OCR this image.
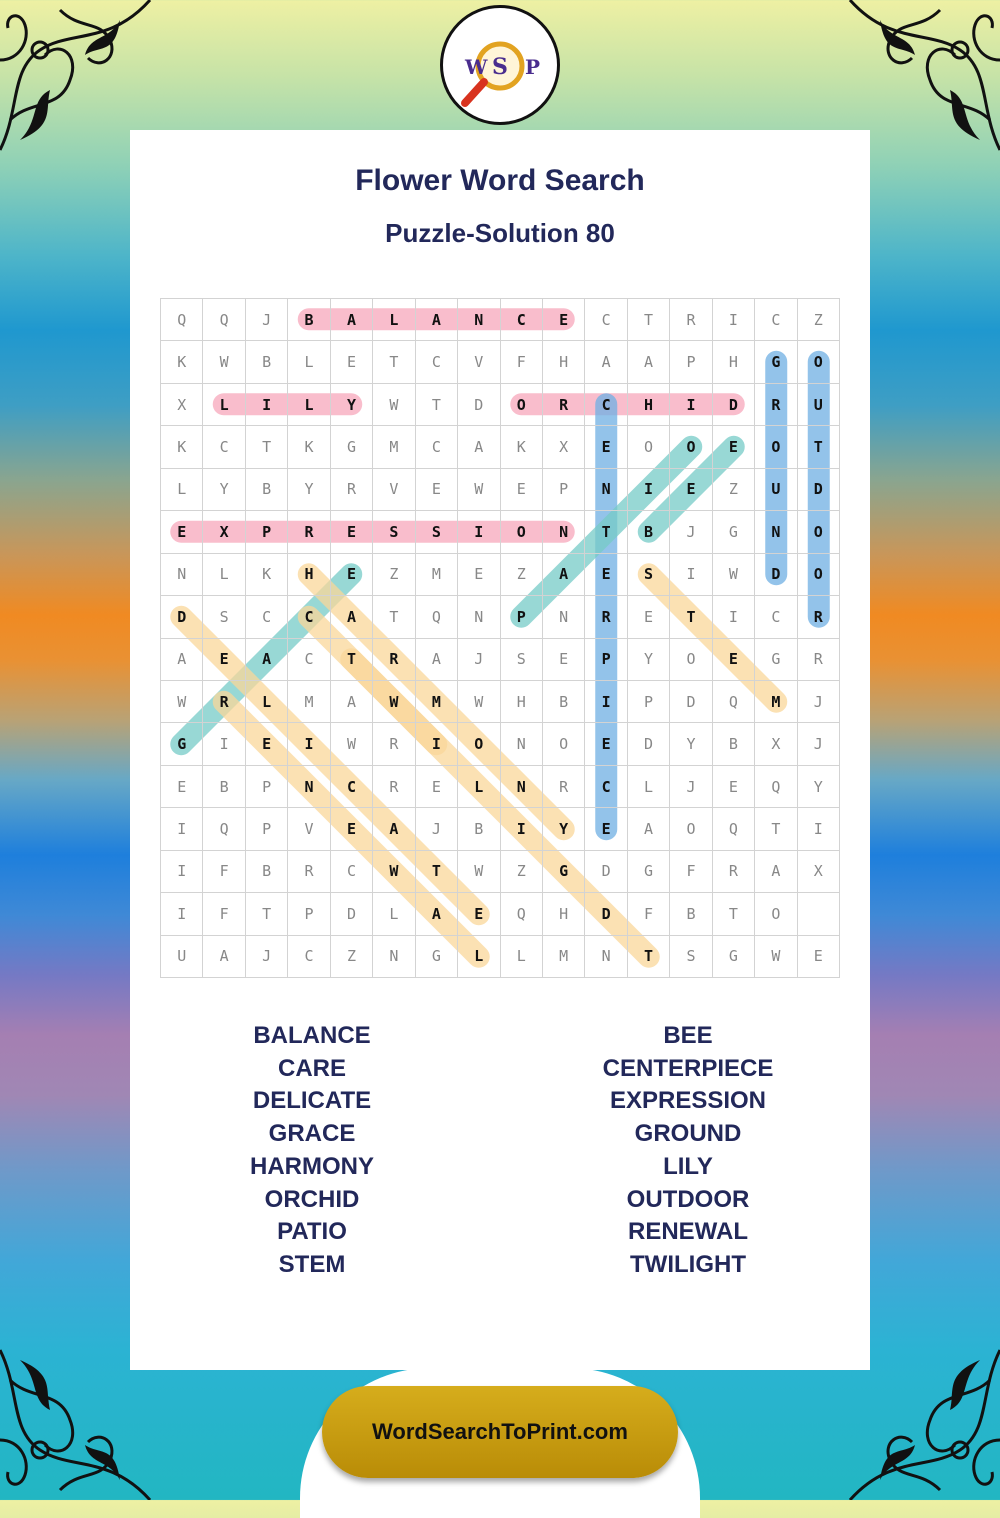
W S P
Flower Word Search
Puzzle-Solution 80
Q	Q	J	B	A	L	A	N	C	E	C	T	R	I	C	Z
K	W	B	L	E	T	C	V	F	H	A	A	P	H	G	O
X	L	I	L	Y	W	T	D	O	R	C	H	I	D	R	U
K	C	T	K	G	M	C	A	K	X	E	O	O	E	O	T
L	Y	B	Y	R	V	E	W	E	P	N	I	E	Z	U	D
E	X	P	R	E	S	S	I	O	N	T	B	J	G	N	O
N	L	K	H	E	Z	M	E	Z	A	E	S	I	W	D	O
D	S	C	C	A	T	Q	N	P	N	R	E	T	I	C	R
A	E	A	C	T	R	A	J	S	E	P	Y	O	E	G	R
W	R	L	M	A	W	M	W	H	B	I	P	D	Q	M	J
G	I	E	I	W	R	I	O	N	O	E	D	Y	B	X	J
E	B	P	N	C	R	E	L	N	R	C	L	J	E	Q	Y
I	Q	P	V	E	A	J	B	I	Y	E	A	O	Q	T	I
I	F	B	R	C	W	T	W	Z	G	D	G	F	R	A	X
I	F	T	P	D	L	A	E	Q	H	D	F	B	T	O
U	A	J	C	Z	N	G	L	L	M	N	T	S	G	W	E
BALANCE
CARE
DELICATE
GRACE
HARMONY
ORCHID
PATIO
STEM
BEE
CENTERPIECE
EXPRESSION
GROUND
LILY
OUTDOOR
RENEWAL
TWILIGHT
WordSearchToPrint.com
